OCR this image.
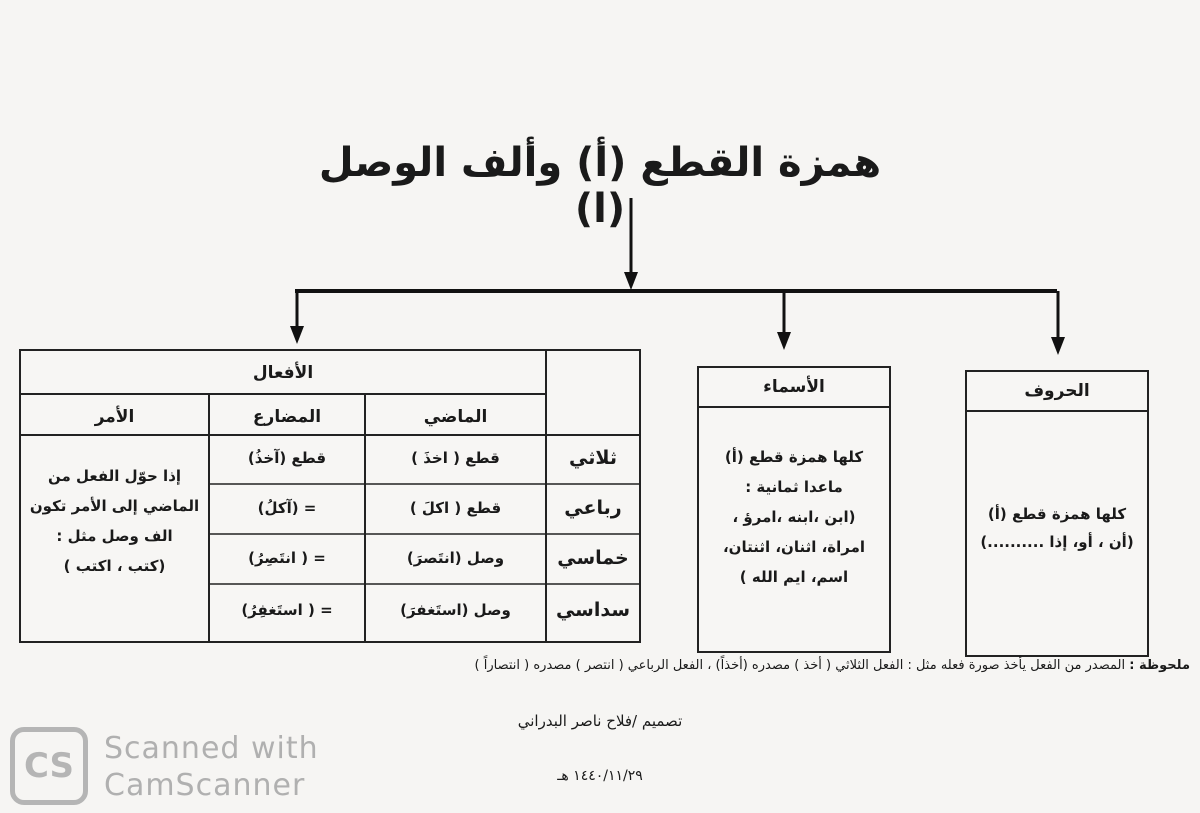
همزة القطع (أ) وألف الوصل (ا)
الحروف
كلها همزة قطع (أ)
(أن ، أو، إذا ..........)
الأسماء
كلها همزة قطع (أ)
ماعدا ثمانية :
(ابن ،ابنه ،امرؤ ،
امراة، اثنان، اثنتان،
اسم، ايم الله )
الأفعال
الماضي
المضارع
الأمر
ثلاثي
قطع ( اخذَ )
قطع (آخذُ)
رباعي
قطع ( اكلَ )
= (آكلُ)
خماسي
وصل (انتَصرَ)
= ( انتَصِرُ)
سداسي
وصل (استَغفرَ)
= ( استَغفِرُ)
إذا حوّل الفعل من
الماضي إلى الأمر تكون
الف وصل مثل :
(كتب ، اكتب )
ملحوظة : المصدر من الفعل يأخذ صورة فعله مثل : الفعل الثلاثي ( أخذ ) مصدره (أخذاً) ، الفعل الرباعي ( انتصر ) مصدره ( انتصاراً )
تصميم /فلاح ناصر البدراني
١٤٤٠/١١/٢٩ هـ
CS Scanned with
CamScanner
